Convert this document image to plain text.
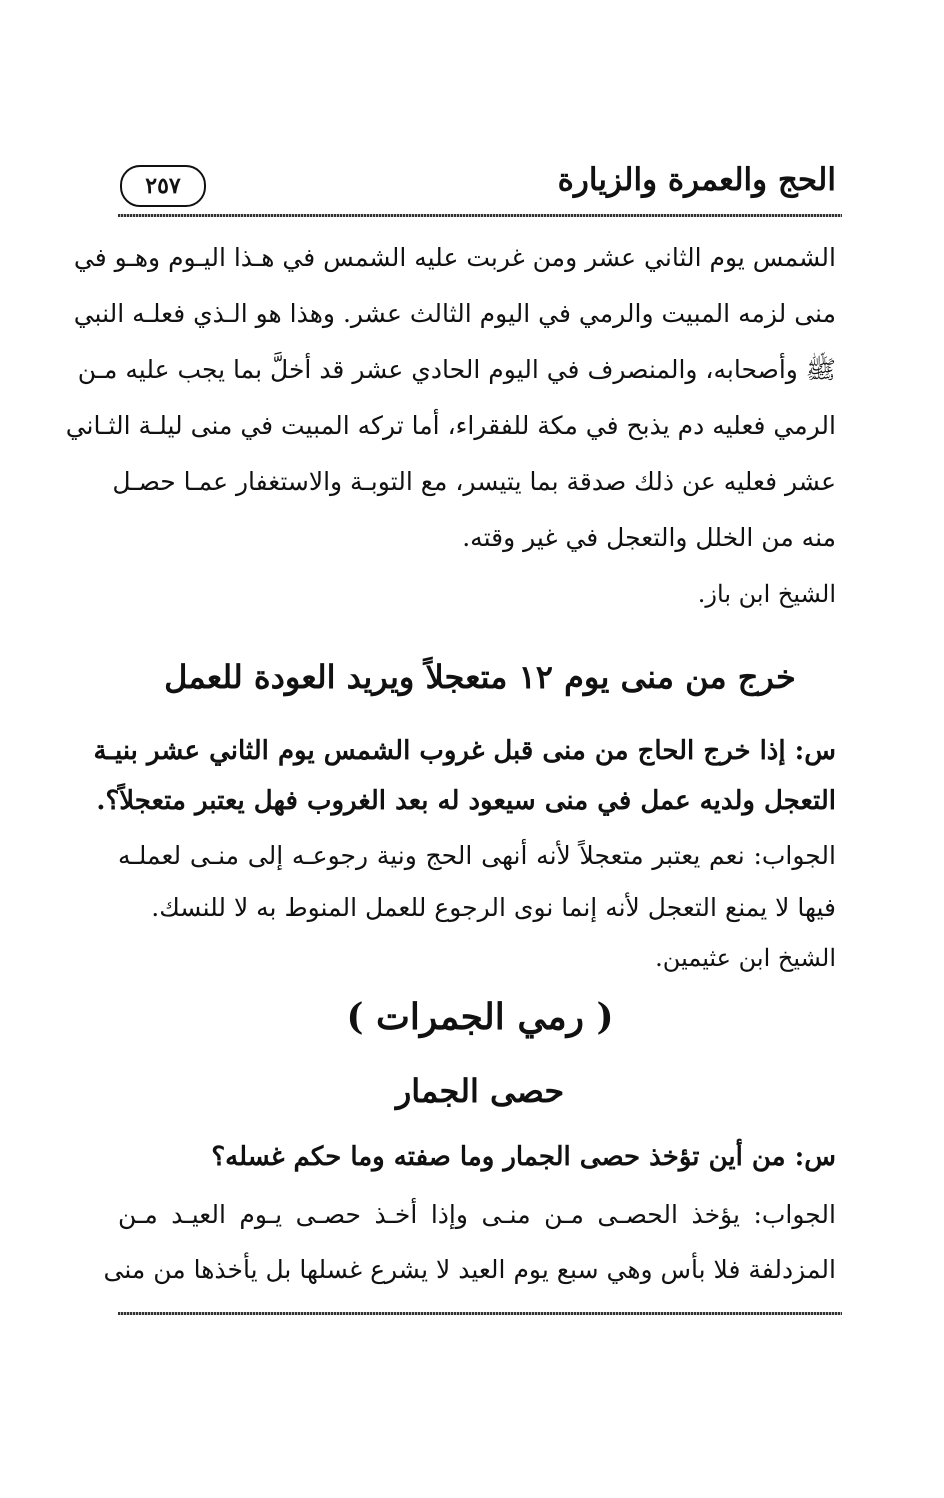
الحج والعمرة والزيارة
٢٥٧
الشمس يوم الثاني عشر ومن غربت عليه الشمس في هـذا اليـوم وهـو في
منى لزمه المبيت والرمي في اليوم الثالث عشر. وهذا هو الـذي فعلـه النبي
ﷺ وأصحابه، والمنصرف في اليوم الحادي عشر قد أخلَّ بما يجب عليه مـن
الرمي فعليه دم يذبح في مكة للفقراء، أما تركه المبيت في منى ليلـة الثـاني
عشر فعليه عن ذلك صدقة بما يتيسر، مع التوبـة والاستغفار عمـا حصـل
منه من الخلل والتعجل في غير وقته.
الشيخ ابن باز.
خرج من منى يوم ١٢ متعجلاً ويريد العودة للعمل
س: إذا خرج الحاج من منى قبل غروب الشمس يوم الثاني عشر بنيـة
التعجل ولديه عمل في منى سيعود له بعد الغروب فهل يعتبر متعجلاً؟.
الجواب: نعم يعتبر متعجلاً لأنه أنهى الحج ونية رجوعـه إلى منـى لعملـه
فيها لا يمنع التعجل لأنه إنما نوى الرجوع للعمل المنوط به لا للنسك.
الشيخ ابن عثيمين.
( رمي الجمرات )
حصى الجمار
س: من أين تؤخذ حصى الجمار وما صفته وما حكم غسله؟
الجواب: يؤخذ الحصـى مـن منـى وإذا أخـذ حصـى يـوم العيـد مـن
المزدلفة فلا بأس وهي سبع يوم العيد لا يشرع غسلها بل يأخذها من منى
